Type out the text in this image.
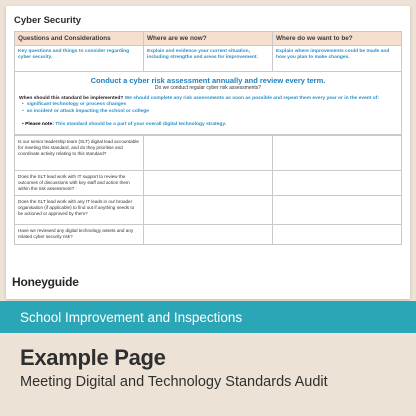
Cyber Security
Questions and Considerations	Where are we now?	Where do we want to be?
Key questions and things to consider regarding cyber security.	Explain and evidence your current situation, including strengths and areas for improvement.	Explain where improvements could be made and how you plan to make changes.
Conduct a cyber risk assessment annually and review every term.
Do we conduct regular cyber risk assessments?
When should this standard be implemented? We should complete any risk assessments as soon as possible and repeat them every year or in the event of:
• significant technology or process changes
• an incident or attack impacting the school or college
• Please note: This standard should be a part of your overall digital technology strategy.
Is our senior leadership team (SLT) digital lead accountable for meeting this standard, and do they prioritise and coordinate activity relating to this standard?		
Does the SLT lead work with IT support to review the outcomes of discussions with key staff and action them within the risk assessment?		
Does the SLT lead work with any IT leads in our broader organisation (if applicable) to find out if anything needs to be actioned or approved by them?		
Have we reviewed any digital technology assets and any related cyber security risk?		
Honeyguide
School Improvement and Inspections
Example Page
Meeting Digital and Technology Standards Audit
